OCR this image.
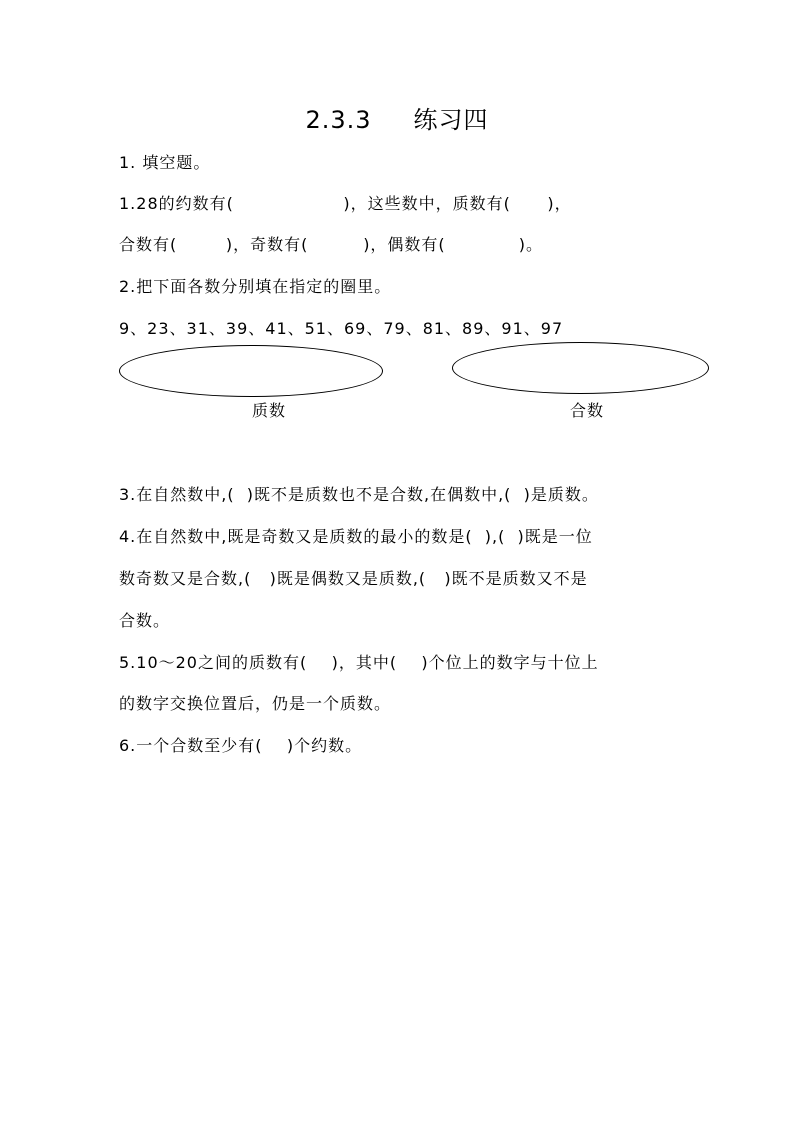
2.3.3 练习四
1. 填空题。
1.28的约数有(                  )，这些数中，质数有(      )，
合数有(        )，奇数有(         )，偶数有(            )。
2.把下面各数分别填在指定的圈里。
9、23、31、39、41、51、69、79、81、89、91、97
质数	合数
3.在自然数中,(  )既不是质数也不是合数,在偶数中,(  )是质数。
4.在自然数中,既是奇数又是质数的最小的数是(  ),(  )既是一位
数奇数又是合数,(   )既是偶数又是质数,(   )既不是质数又不是
合数。
5.10～20之间的质数有(    )，其中(    )个位上的数字与十位上
的数字交换位置后，仍是一个质数。
6.一个合数至少有(    )个约数。
